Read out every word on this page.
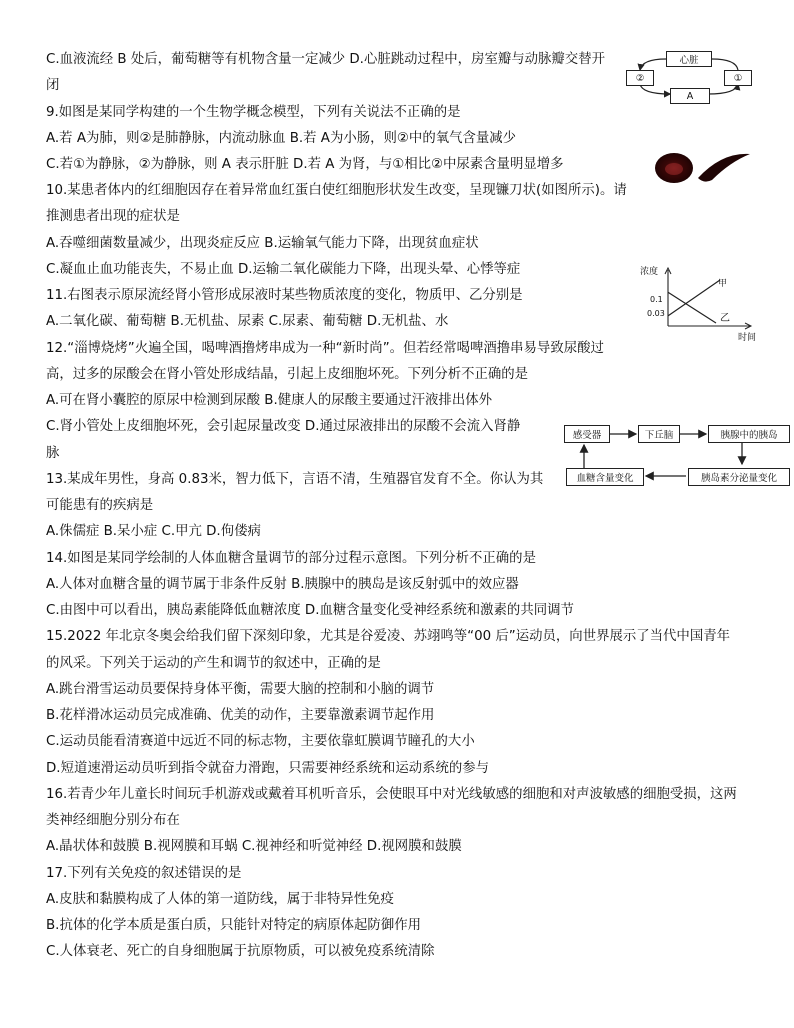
C.血液流经 B 处后，葡萄糖等有机物含量一定减少 D.心脏跳动过程中，房室瓣与动脉瓣交替开
闭
9.如图是某同学构建的一个生物学概念模型，下列有关说法不正确的是
A.若 A为肺，则②是肺静脉，内流动脉血 B.若 A为小肠，则②中的氧气含量减少
C.若①为静脉，②为静脉，则 A 表示肝脏 D.若 A 为肾，与①相比②中尿素含量明显增多
10.某患者体内的红细胞因存在着异常血红蛋白使红细胞形状发生改变，呈现镰刀状(如图所示)。请
推测患者出现的症状是
A.吞噬细菌数量减少，出现炎症反应 B.运输氧气能力下降，出现贫血症状
C.凝血止血功能丧失，不易止血 D.运输二氧化碳能力下降，出现头晕、心悸等症
11.右图表示原尿流经肾小管形成尿液时某些物质浓度的变化，物质甲、乙分别是
A.二氧化碳、葡萄糖 B.无机盐、尿素 C.尿素、葡萄糖 D.无机盐、水
12.“淄博烧烤”火遍全国，喝啤酒撸烤串成为一种“新时尚”。但若经常喝啤酒撸串易导致尿酸过
高，过多的尿酸会在肾小管处形成结晶，引起上皮细胞坏死。下列分析不正确的是
A.可在肾小囊腔的原尿中检测到尿酸 B.健康人的尿酸主要通过汗液排出体外
C.肾小管处上皮细胞坏死，会引起尿量改变 D.通过尿液排出的尿酸不会流入肾静
脉
13.某成年男性，身高 0.83米，智力低下，言语不清，生殖器官发育不全。你认为其
可能患有的疾病是
A.侏儒症 B.呆小症 C.甲亢 D.佝偻病
14.如图是某同学绘制的人体血糖含量调节的部分过程示意图。下列分析不正确的是
A.人体对血糖含量的调节属于非条件反射 B.胰腺中的胰岛是该反射弧中的效应器
C.由图中可以看出，胰岛素能降低血糖浓度 D.血糖含量变化受神经系统和激素的共同调节
15.2022 年北京冬奥会给我们留下深刻印象，尤其是谷爱凌、苏翊鸣等“00 后”运动员，向世界展示了当代中国青年
的风采。下列关于运动的产生和调节的叙述中，正确的是
A.跳台滑雪运动员要保持身体平衡，需要大脑的控制和小脑的调节
B.花样滑冰运动员完成准确、优美的动作，主要靠激素调节起作用
C.运动员能看清赛道中远近不同的标志物，主要依靠虹膜调节瞳孔的大小
D.短道速滑运动员听到指令就奋力滑跑，只需要神经系统和运动系统的参与
16.若青少年儿童长时间玩手机游戏或戴着耳机听音乐，会使眼耳中对光线敏感的细胞和对声波敏感的细胞受损，这两
类神经细胞分别分布在
A.晶状体和鼓膜 B.视网膜和耳蜗 C.视神经和听觉神经 D.视网膜和鼓膜
17.下列有关免疫的叙述错误的是
A.皮肤和黏膜构成了人体的第一道防线，属于非特异性免疫
B.抗体的化学本质是蛋白质，只能针对特定的病原体起防御作用
C.人体衰老、死亡的自身细胞属于抗原物质，可以被免疫系统清除
心脏
②	①
A
浓度
时间
甲
乙
0.1
0.03
感受器	下丘脑	胰腺中的胰岛
血糖含量变化	胰岛素分泌量变化
